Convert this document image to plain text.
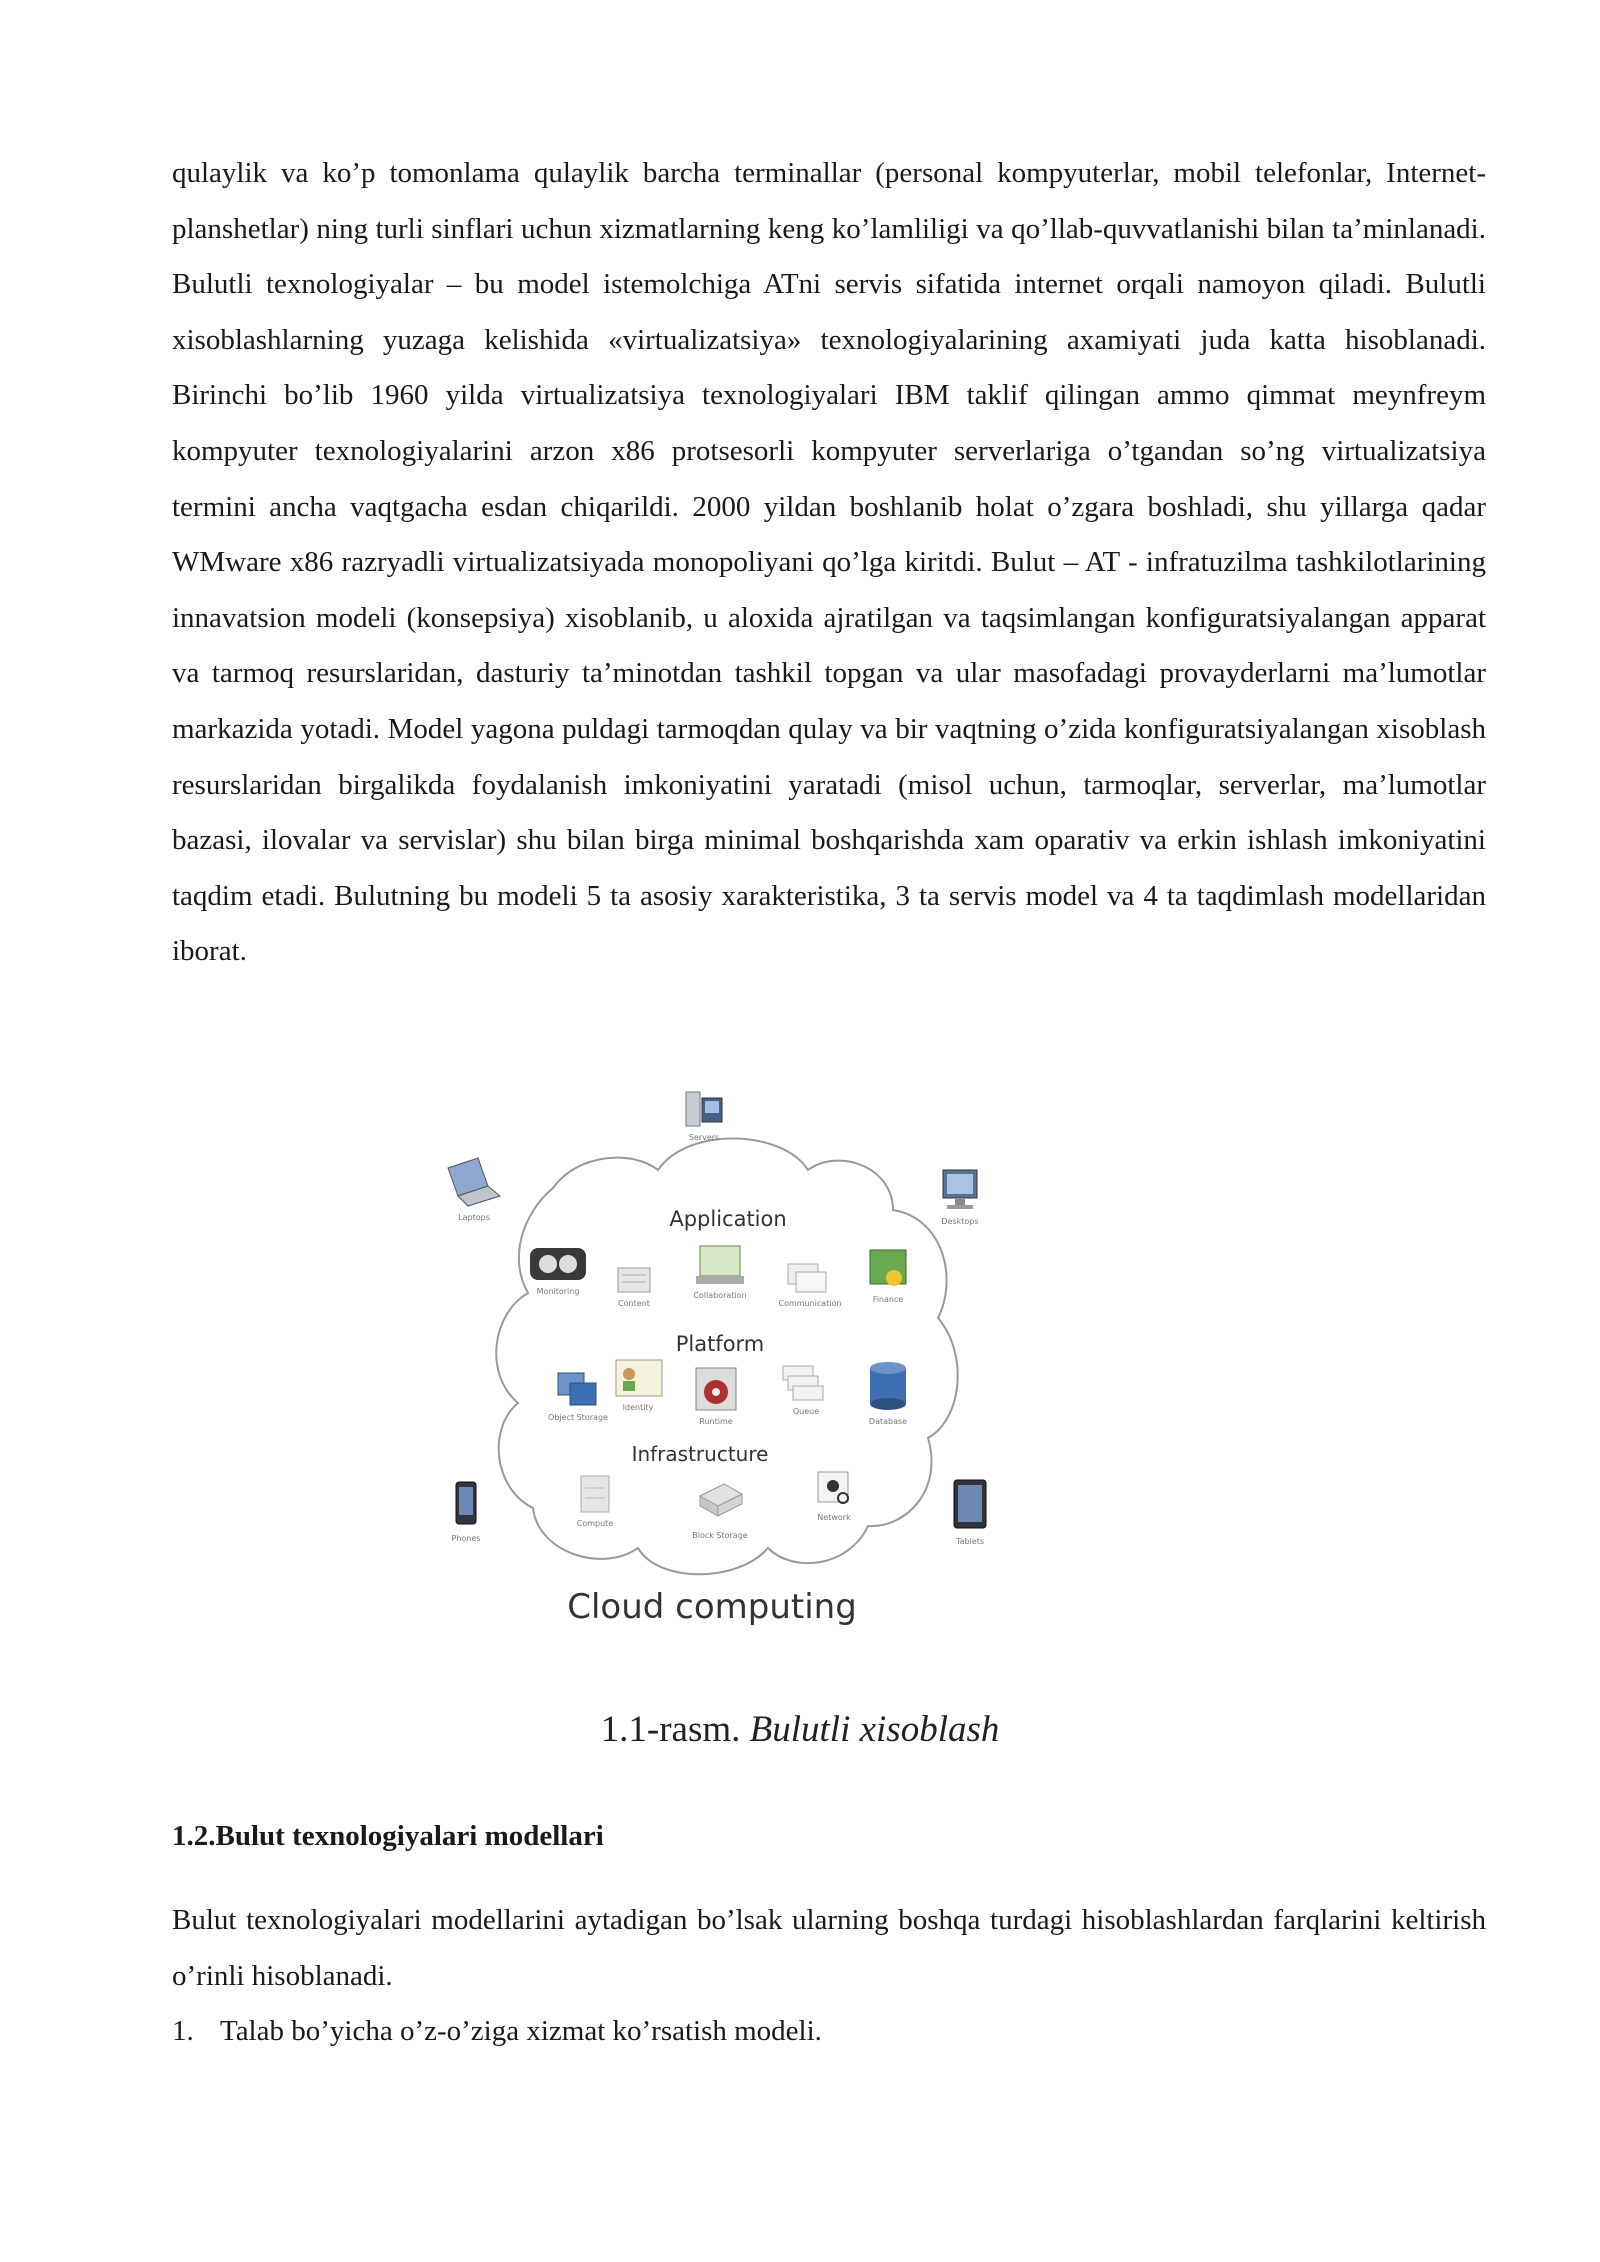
qulaylik va ko’p tomonlama qulaylik barcha terminallar (personal kompyuterlar, mobil telefonlar, Internet-planshetlar) ning turli sinflari uchun xizmatlarning keng ko’lamliligi va qo’llab-quvvatlanishi bilan ta’minlanadi. Bulutli texnologiyalar – bu model istemolchiga ATni servis sifatida internet orqali namoyon qiladi. Bulutli xisoblashlarning yuzaga kelishida «virtualizatsiya» texnologiyalarining axamiyati juda katta hisoblanadi. Birinchi bo’lib 1960 yilda virtualizatsiya texnologiyalari IBM taklif qilingan ammo qimmat meynfreym kompyuter texnologiyalarini arzon x86 protsesorli kompyuter serverlariga o’tgandan so’ng virtualizatsiya termini ancha vaqtgacha esdan chiqarildi. 2000 yildan boshlanib holat o’zgara boshladi, shu yillarga qadar WMware x86 razryadli virtualizatsiyada monopoliyani qo’lga kiritdi. Bulut – AT - infratuzilma tashkilotlarining innavatsion modeli (konsepsiya) xisoblanib, u aloxida ajratilgan va taqsimlangan konfiguratsiyalangan apparat va tarmoq resurslaridan, dasturiy ta’minotdan tashkil topgan va ular masofadagi provayderlarni ma’lumotlar markazida yotadi. Model yagona puldagi tarmoqdan qulay va bir vaqtning o’zida konfiguratsiyalangan xisoblash resurslaridan birgalikda foydalanish imkoniyatini yaratadi (misol uchun, tarmoqlar, serverlar, ma’lumotlar bazasi, ilovalar va servislar) shu bilan birga minimal boshqarishda xam oparativ va erkin ishlash imkoniyatini taqdim etadi. Bulutning bu modeli 5 ta asosiy xarakteristika, 3 ta servis model va 4 ta taqdimlash modellaridan iborat.

Application
Platform
Infrastructure
Servers
Laptops	Desktops
Phones	Tablets
Monitoring
Content
Collaboration
Communication	Finance
Object Storage
Identity
Runtime
Queue
Database
Compute
Block Storage
Network
Cloud computing
1.1-rasm. Bulutli xisoblash
1.2.Bulut texnologiyalari modellari

Bulut texnologiyalari modellarini aytadigan bo’lsak ularning boshqa turdagi hisoblashlardan farqlarini keltirish o’rinli hisoblanadi.

1. Talab bo’yicha o’z-o’ziga xizmat ko’rsatish modeli.
